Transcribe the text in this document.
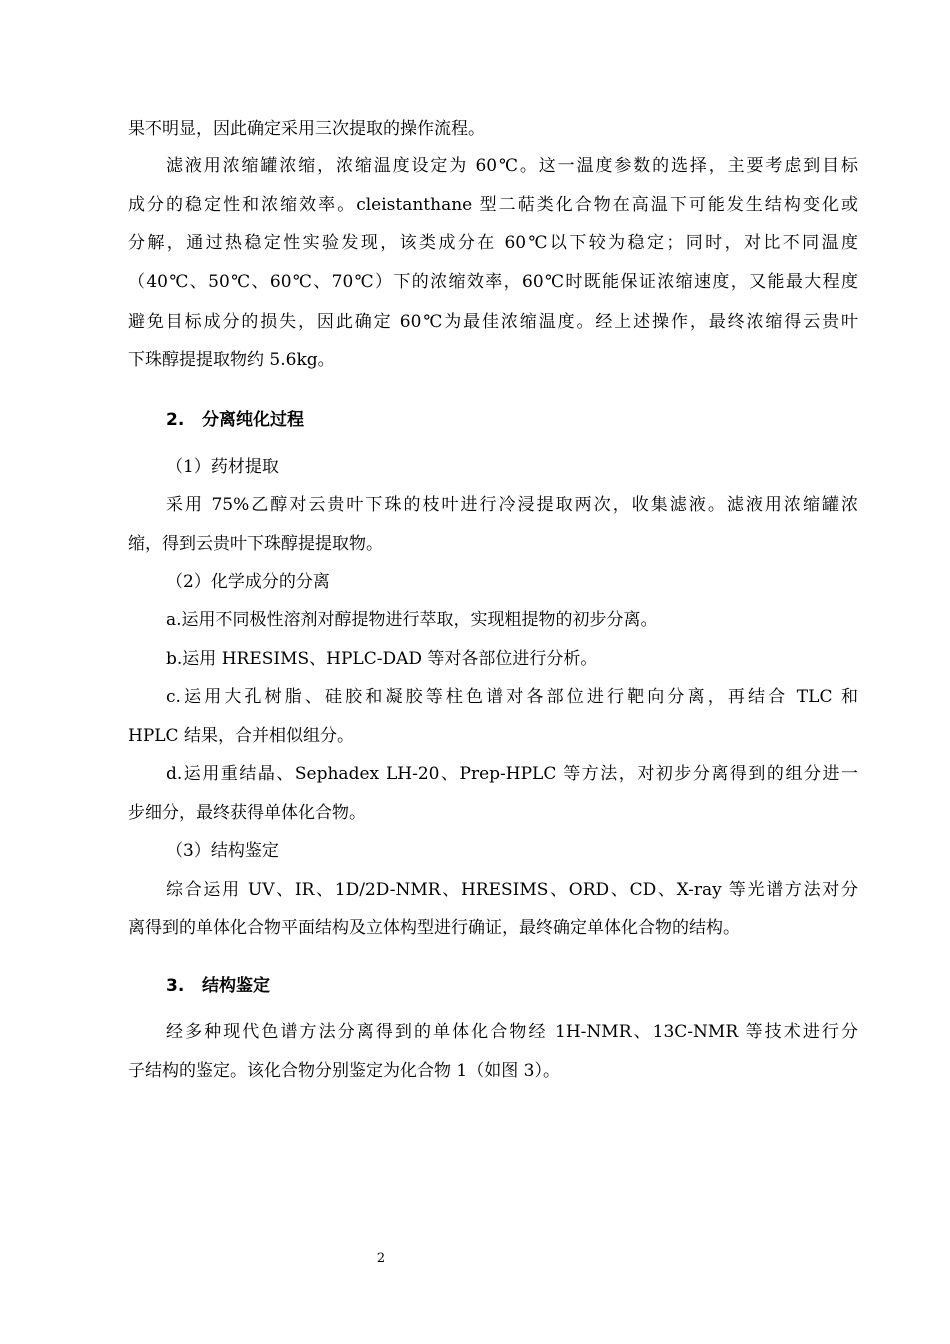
果不明显，因此确定采用三次提取的操作流程。
滤液用浓缩罐浓缩，浓缩温度设定为 60℃。这一温度参数的选择，主要考虑到目标
成分的稳定性和浓缩效率。cleistanthane 型二萜类化合物在高温下可能发生结构变化或
分解，通过热稳定性实验发现，该类成分在 60℃以下较为稳定；同时，对比不同温度
（40℃、50℃、60℃、70℃）下的浓缩效率，60℃时既能保证浓缩速度，又能最大程度
避免目标成分的损失，因此确定 60℃为最佳浓缩温度。经上述操作，最终浓缩得云贵叶
下珠醇提提取物约 5.6kg。
2. 分离纯化过程
（1）药材提取
采用 75%乙醇对云贵叶下珠的枝叶进行冷浸提取两次，收集滤液。滤液用浓缩罐浓
缩，得到云贵叶下珠醇提提取物。
（2）化学成分的分离
a.运用不同极性溶剂对醇提物进行萃取，实现粗提物的初步分离。
b.运用 HRESIMS、HPLC-DAD 等对各部位进行分析。
c.运用大孔树脂、硅胶和凝胶等柱色谱对各部位进行靶向分离，再结合 TLC 和
HPLC 结果，合并相似组分。
d.运用重结晶、Sephadex LH-20、Prep-HPLC 等方法，对初步分离得到的组分进一
步细分，最终获得单体化合物。
（3）结构鉴定
综合运用 UV、IR、1D/2D-NMR、HRESIMS、ORD、CD、X-ray 等光谱方法对分
离得到的单体化合物平面结构及立体构型进行确证，最终确定单体化合物的结构。
3. 结构鉴定
经多种现代色谱方法分离得到的单体化合物经 1H-NMR、13C-NMR 等技术进行分
子结构的鉴定。该化合物分别鉴定为化合物 1（如图 3）。
2
